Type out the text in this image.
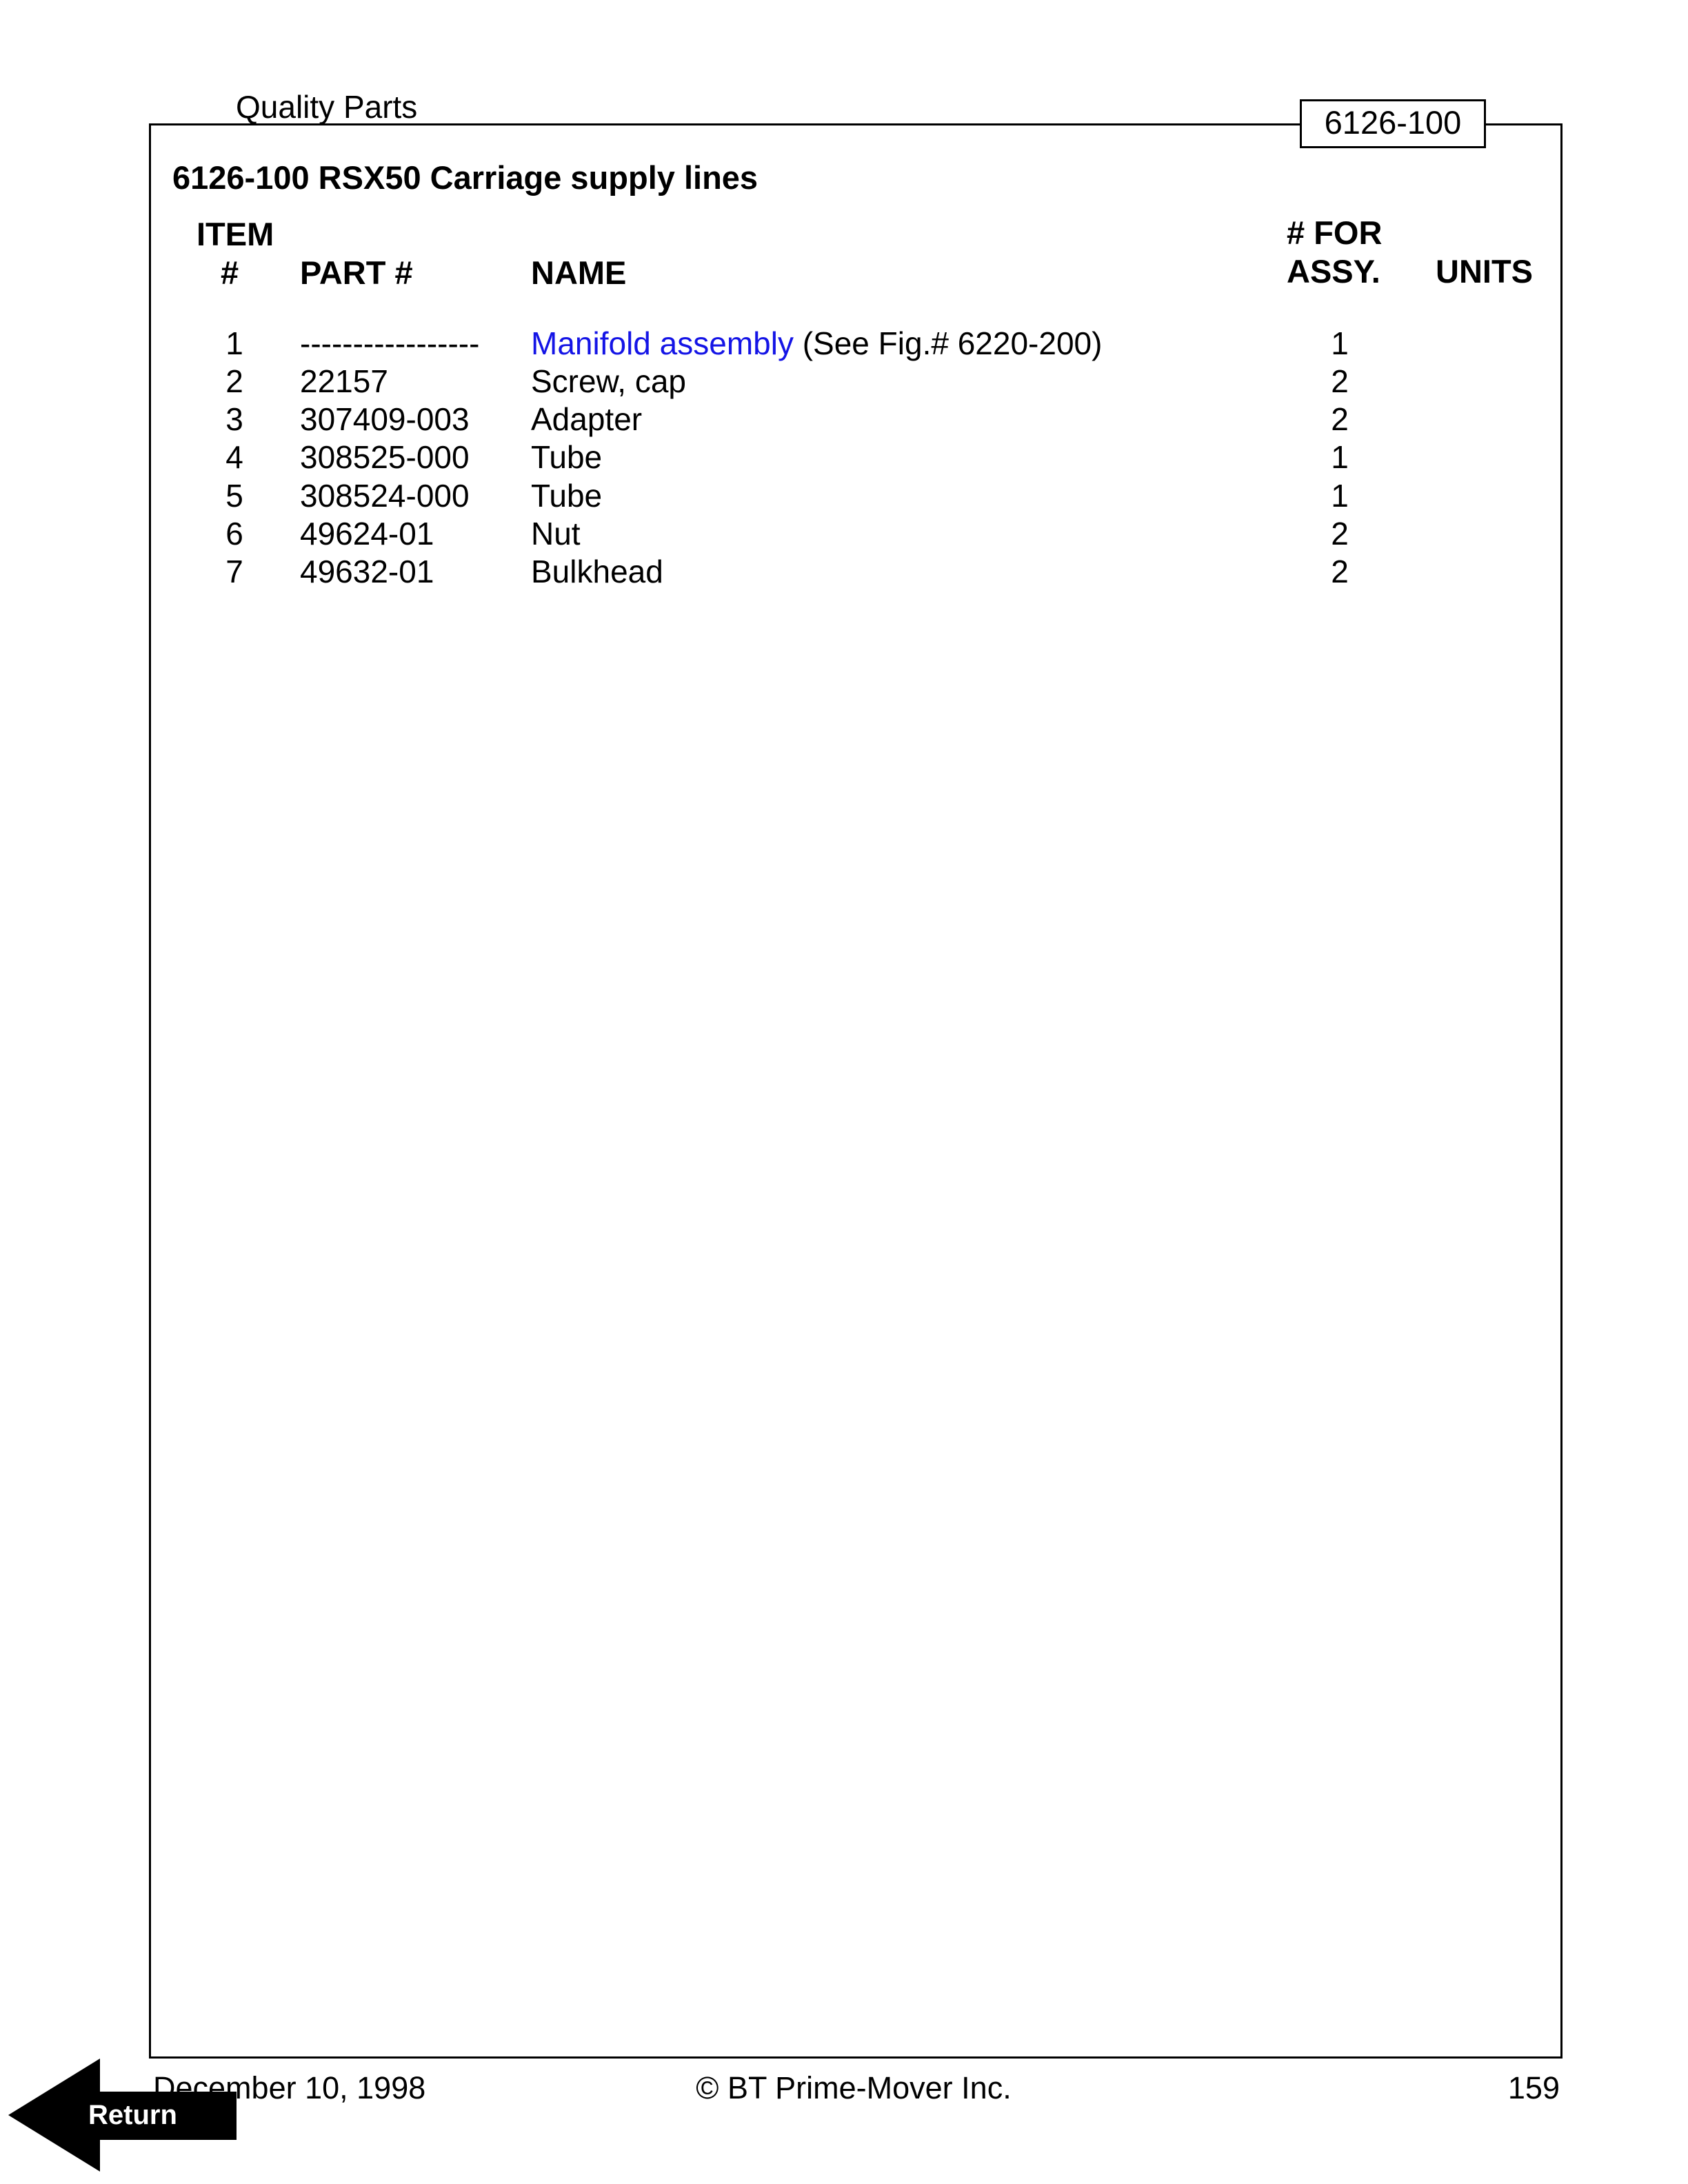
Quality Parts	6126-100
6126-100 RSX50 Carriage supply lines
ITEM
# PART #	NAME
# FOR
ASSY. UNITS
1 ----------------- Manifold assembly (See Fig.# 6220-200)	1
2 22157	Screw, cap	2
3 307409-003 Adapter	2
4 308525-000 Tube	1
5 308524-000 Tube	1
6 49624-01	Nut	2
7 49632-01	Bulkhead	2
December 10, 1998	© BT Prime-Mover Inc.	159
Return
